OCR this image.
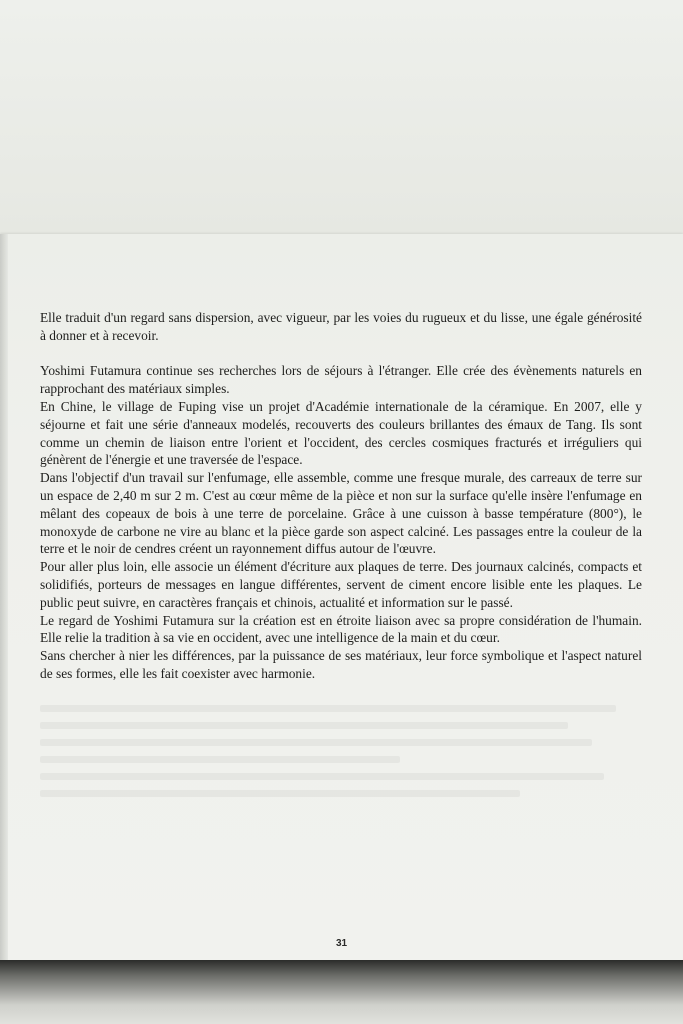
Elle traduit d'un regard sans dispersion, avec vigueur, par les voies du rugueux et du lisse, une égale générosité à donner et à recevoir.

Yoshimi Futamura continue ses recherches lors de séjours à l'étranger. Elle crée des évènements naturels en rapprochant des matériaux simples.

En Chine, le village de Fuping vise un projet d'Académie internationale de la céramique. En 2007, elle y séjourne et fait une série d'anneaux modelés, recouverts des couleurs brillantes des émaux de Tang. Ils sont comme un chemin de liaison entre l'orient et l'occident, des cercles cosmiques fracturés et irréguliers qui génèrent de l'énergie et une traversée de l'espace.

Dans l'objectif d'un travail sur l'enfumage, elle assemble, comme une fresque murale, des carreaux de terre sur un espace de 2,40 m sur 2 m. C'est au cœur même de la pièce et non sur la surface qu'elle insère l'enfumage en mêlant des copeaux de bois à une terre de porcelaine. Grâce à une cuisson à basse température (800°), le monoxyde de carbone ne vire au blanc et la pièce garde son aspect calciné. Les passages entre la couleur de la terre et le noir de cendres créent un rayonnement diffus autour de l'œuvre.

Pour aller plus loin, elle associe un élément d'écriture aux plaques de terre. Des journaux calcinés, compacts et solidifiés, porteurs de messages en langue différentes, servent de ciment encore lisible ente les plaques. Le public peut suivre, en caractères français et chinois, actualité et information sur le passé.

Le regard de Yoshimi Futamura sur la création est en étroite liaison avec sa propre considération de l'humain. Elle relie la tradition à sa vie en occident, avec une intelligence de la main et du cœur.

Sans chercher à nier les différences, par la puissance de ses matériaux, leur force symbolique et l'aspect naturel de ses formes, elle les fait coexister avec harmonie.

31
